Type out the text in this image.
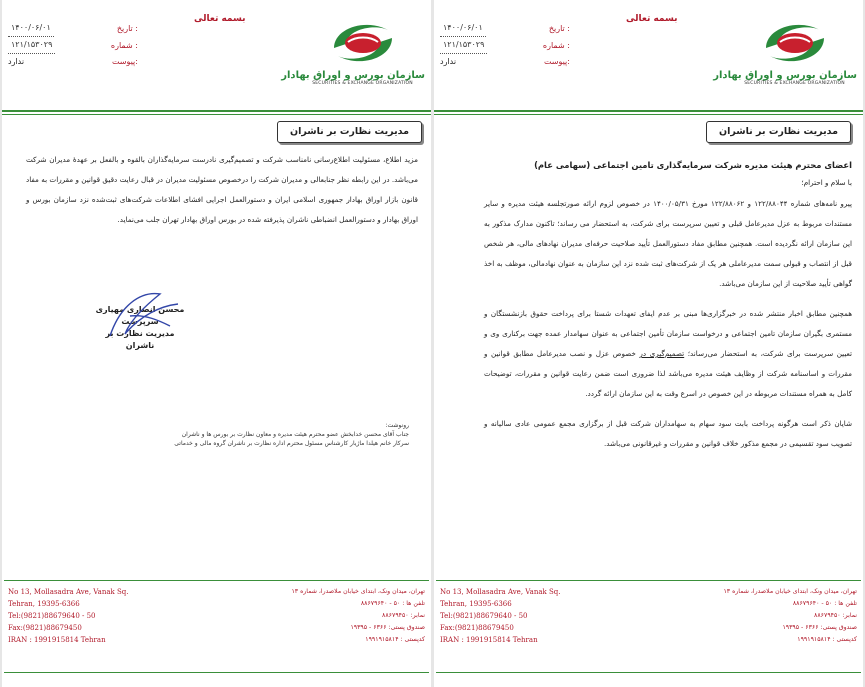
۱۴۰۰/۰۶/۰۱	تاریخ :
۱۲۱/۱۵۳۰۲۹	شماره :
ندارد	پیوست:
بسمه تعالی
سازمان بورس و اوراق بهادار
SECURITIES & EXCHANGE ORGANIZATION
مدیریت نظارت بر ناشران

مزید اطلاع، مسئولیت اطلاع‌رسانی نامناسب شرکت و تصمیم‌گیری نادرست سرمایه‌گذاران بالقوه و بالفعل بر عهدهٔ مدیران شرکت می‌باشد. در این رابطه نظر جنابعالی و مدیران شرکت را درخصوص مسئولیت مدیران در قبال رعایت دقیق قوانین و مقررات به مفاد قانون بازار اوراق بهادار جمهوری اسلامی ایران و دستورالعمل اجرایی افشای اطلاعات شرکت‌های ثبت‌شده نزد سازمان بورس و اوراق بهادار و دستورالعمل انضباطی ناشران پذیرفته شده در بورس اوراق بهادار تهران جلب می‌نماید.

محسن انصاری مهیاری
سرپرست
مدیریت نظارت بر ناشران
رونوشت:
جناب آقای محسن خدابخش عضو محترم هیئت مدیره و معاون نظارت بر بورس ها و ناشران
سرکار خانم هیلدا ماژیار کارشناس مسئول محترم اداره نظارت بر ناشران گروه مالی و خدماتی
No 13, Mollasadra Ave, Vanak Sq.
Tehran, 19395-6366
Tel:(9821)88679640 - 50
Fax:(9821)88679450
IRAN : 1991915814 Tehran
تهران، میدان ونک، ابتدای خیابان ملاصدرا، شماره ۱۳
تلفن ها : ۵۰ - ۸۸۶۷۹۶۴۰
نمابر: ۸۸۶۷۹۴۵۰
صندوق پستی: ۶۳۶۶ - ۱۹۳۹۵
کدپستی : ۱۹۹۱۹۱۵۸۱۴
۱۴۰۰/۰۶/۰۱	تاریخ :
۱۲۱/۱۵۳۰۲۹	شماره :
ندارد	پیوست:
بسمه تعالی
سازمان بورس و اوراق بهادار
SECURITIES & EXCHANGE ORGANIZATION
مدیریت نظارت بر ناشران

اعضای محترم هیئت مدیره شرکت سرمایه‌گذاری تامین اجتماعی (سهامی عام)

با سلام و احترام؛

پیرو نامه‌های شماره ۱۲۲/۸۸۰۴۴ و ۱۲۲/۸۸۰۶۲ مورخ ۱۴۰۰/۰۵/۳۱ در خصوص لزوم ارائه صورتجلسه هیئت مدیره و سایر مستندات مربوط به عزل مدیرعامل قبلی و تعیین سرپرست برای شرکت، به استحضار می رساند؛ تاکنون مدارک مذکور به این سازمان ارائه نگردیده است. همچنین مطابق مفاد دستورالعمل تأیید صلاحیت حرفه‌ای مدیران نهادهای مالی، هر شخص قبل از انتصاب و قبولی سمت مدیرعاملی هر یک از شرکت‌های ثبت شده نزد این سازمان به عنوان نهادمالی، موظف به اخذ گواهی تأیید صلاحیت از این سازمان می‌باشد.

همچنین مطابق اخبار منتشر شده در خبرگزاری‌ها مبنی بر عدم ایفای تعهدات شستا برای پرداخت حقوق بازنشستگان و مستمری بگیران سازمان تامین اجتماعی و درخواست سازمان تأمین اجتماعی به عنوان سهامدار عمده جهت برکناری وی و تعیین سرپرست برای شرکت، به استحضار می‌رساند؛ تصمیم‌گیری در خصوص عزل و نصب مدیرعامل مطابق قوانین و مقررات و اساسنامه شرکت از وظایف هیئت مدیره می‌باشد لذا ضروری است ضمن رعایت قوانین و مقررات، توضیحات کامل به همراه مستندات مربوطه در این خصوص در اسرع وقت به این سازمان ارائه گردد.

شایان ذکر است هرگونه پرداخت بابت سود سهام به سهامداران شرکت قبل از برگزاری مجمع عمومی عادی سالیانه و تصویب سود تقسیمی در مجمع مذکور خلاف قوانین و مقررات و غیرقانونی می‌باشد.

No 13, Mollasadra Ave, Vanak Sq.
Tehran, 19395-6366
Tel:(9821)88679640 - 50
Fax:(9821)88679450
IRAN : 1991915814 Tehran
تهران، میدان ونک، ابتدای خیابان ملاصدرا، شماره ۱۳
تلفن ها : ۵۰ - ۸۸۶۷۹۶۴۰
نمابر: ۸۸۶۷۹۴۵۰
صندوق پستی: ۶۳۶۶ - ۱۹۳۹۵
کدپستی : ۱۹۹۱۹۱۵۸۱۴
